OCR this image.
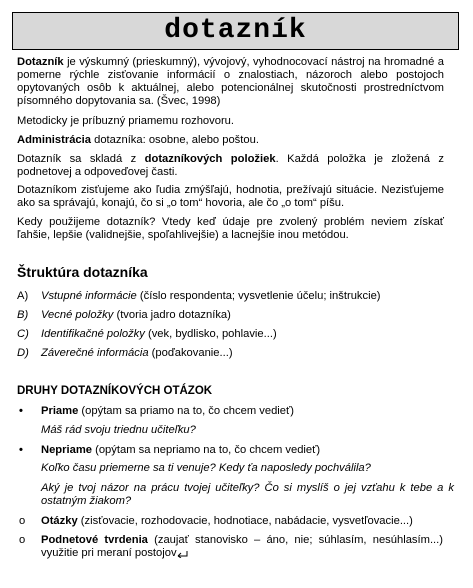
dotazník
Dotazník je výskumný (prieskumný), vývojový, vyhodnocovací nástroj na hromadné a pomerne rýchle zisťovanie informácií o znalostiach, názoroch alebo postojoch opytovaných osôb k aktuálnej, alebo potencionálnej skutočnosti prostredníctvom písomného dopytovania sa. (Švec, 1998)
Metodicky je príbuzný priamemu rozhovoru.
Administrácia dotazníka: osobne, alebo poštou.
Dotazník sa skladá z dotazníkových položiek. Každá položka je zložená z podnetovej a odpoveďovej časti.
Dotazníkom zisťujeme ako ľudia zmýšľajú, hodnotia, prežívajú situácie. Nezisťujeme ako sa správajú, konajú, čo si „o tom“ hovoria, ale čo „o tom“ píšu.
Kedy použijeme dotazník? Vtedy keď údaje pre zvolený problém neviem získať ľahšie, lepšie (validnejšie, spoľahlivejšie) a lacnejšie inou metódou.
Štruktúra dotazníka
A) Vstupné informácie (číslo respondenta; vysvetlenie účelu; inštrukcie)
B) Vecné položky (tvoria jadro dotazníka)
C) Identifikačné položky (vek, bydlisko, pohlavie...)
D) Záverečné informácia (poďakovanie...)
DRUHY DOTAZNÍKOVÝCH OTÁZOK
• Priame (opýtam sa priamo na to, čo chcem vedieť)
Máš rád svoju triednu učiteľku?
• Nepriame (opýtam sa nepriamo na to, čo chcem vedieť)
Koľko času priemerne sa ti venuje? Kedy ťa naposledy pochválila?
Aký je tvoj názor na prácu tvojej učiteľky? Čo si myslíš o jej vzťahu k tebe a k ostatným žiakom?
o Otázky (zisťovacie, rozhodovacie, hodnotiace, nabádacie, vysvetľovacie...)
o Podnetové tvrdenia (zaujať stanovisko – áno, nie; súhlasím, nesúhlasím...) využitie pri meraní postojov
